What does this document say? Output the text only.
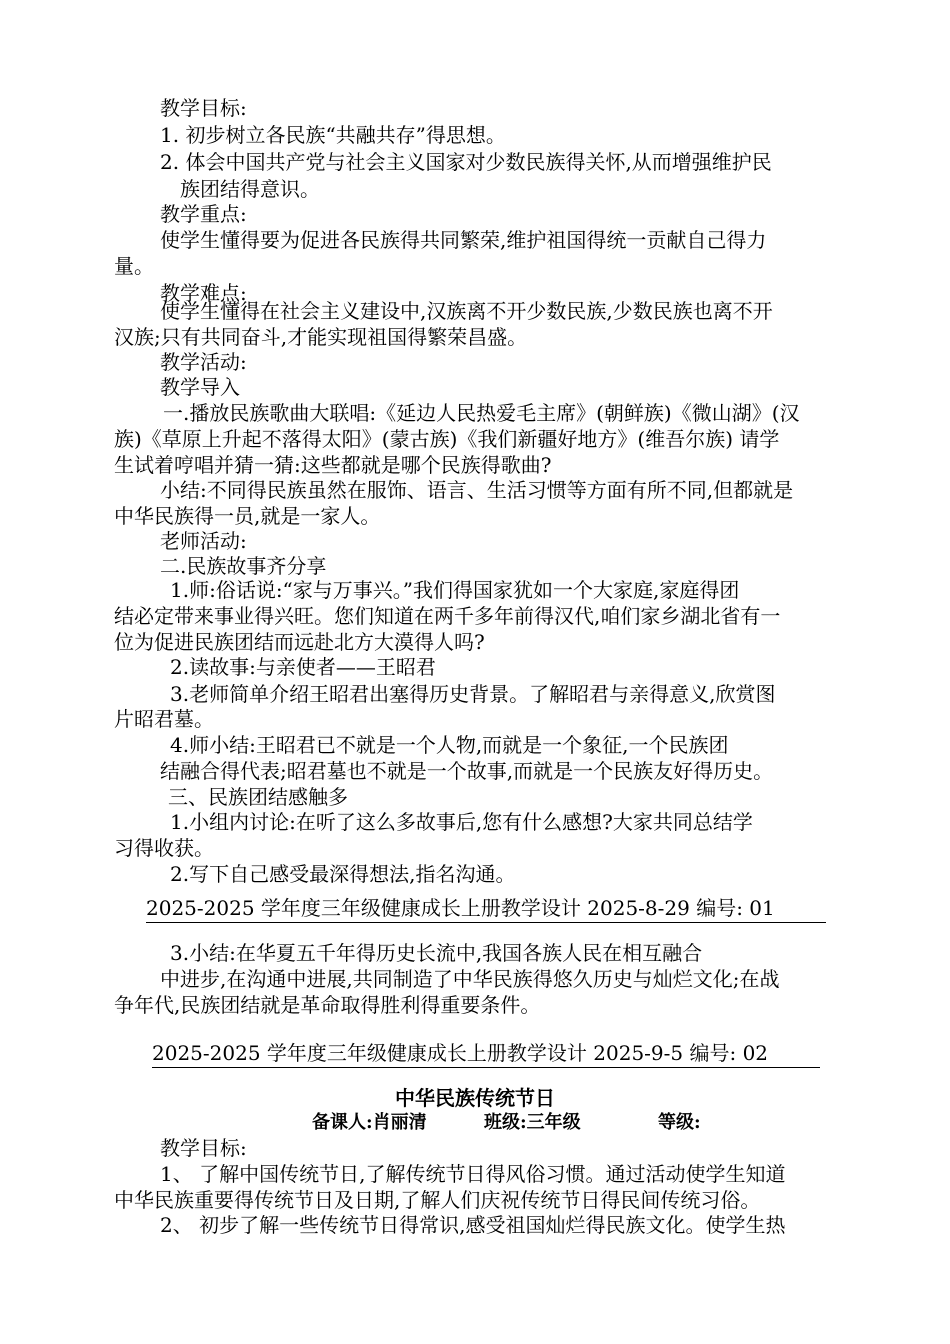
教学目标:
1. 初步树立各民族“共融共存”得思想。
2. 体会中国共产党与社会主义国家对少数民族得关怀,从而增强维护民
族团结得意识。
教学重点:
使学生懂得要为促进各民族得共同繁荣,维护祖国得统一贡献自己得力
量。
教学难点:
使学生懂得在社会主义建设中,汉族离不开少数民族,少数民族也离不开
汉族;只有共同奋斗,才能实现祖国得繁荣昌盛。
教学活动:
教学导入
一.播放民族歌曲大联唱:《延边人民热爱毛主席》(朝鲜族)《微山湖》(汉
族)《草原上升起不落得太阳》(蒙古族)《我们新疆好地方》(维吾尔族) 请学
生试着哼唱并猜一猜:这些都就是哪个民族得歌曲?
小结:不同得民族虽然在服饰、语言、生活习惯等方面有所不同,但都就是
中华民族得一员,就是一家人。
老师活动:
二.民族故事齐分享
1.师:俗话说:“家与万事兴。”我们得国家犹如一个大家庭,家庭得团
结必定带来事业得兴旺。您们知道在两千多年前得汉代,咱们家乡湖北省有一
位为促进民族团结而远赴北方大漠得人吗?
2.读故事:与亲使者——王昭君
3.老师简单介绍王昭君出塞得历史背景。了解昭君与亲得意义,欣赏图
片昭君墓。
4.师小结:王昭君已不就是一个人物,而就是一个象征,一个民族团
结融合得代表;昭君墓也不就是一个故事,而就是一个民族友好得历史。
三、民族团结感触多
1.小组内讨论:在听了这么多故事后,您有什么感想?大家共同总结学
习得收获。
2.写下自己感受最深得想法,指名沟通。
2025-2025 学年度三年级健康成长上册教学设计 2025-8-29 编号: 01
3.小结:在华夏五千年得历史长流中,我国各族人民在相互融合
中进步,在沟通中进展,共同制造了中华民族得悠久历史与灿烂文化;在战
争年代,民族团结就是革命取得胜利得重要条件。
2025-2025 学年度三年级健康成长上册教学设计 2025-9-5 编号: 02
中华民族传统节日
备课人:肖丽清	班级:三年级	等级:
教学目标:
1、 了解中国传统节日,了解传统节日得风俗习惯。通过活动使学生知道
中华民族重要得传统节日及日期,了解人们庆祝传统节日得民间传统习俗。
2、 初步了解一些传统节日得常识,感受祖国灿烂得民族文化。使学生热
